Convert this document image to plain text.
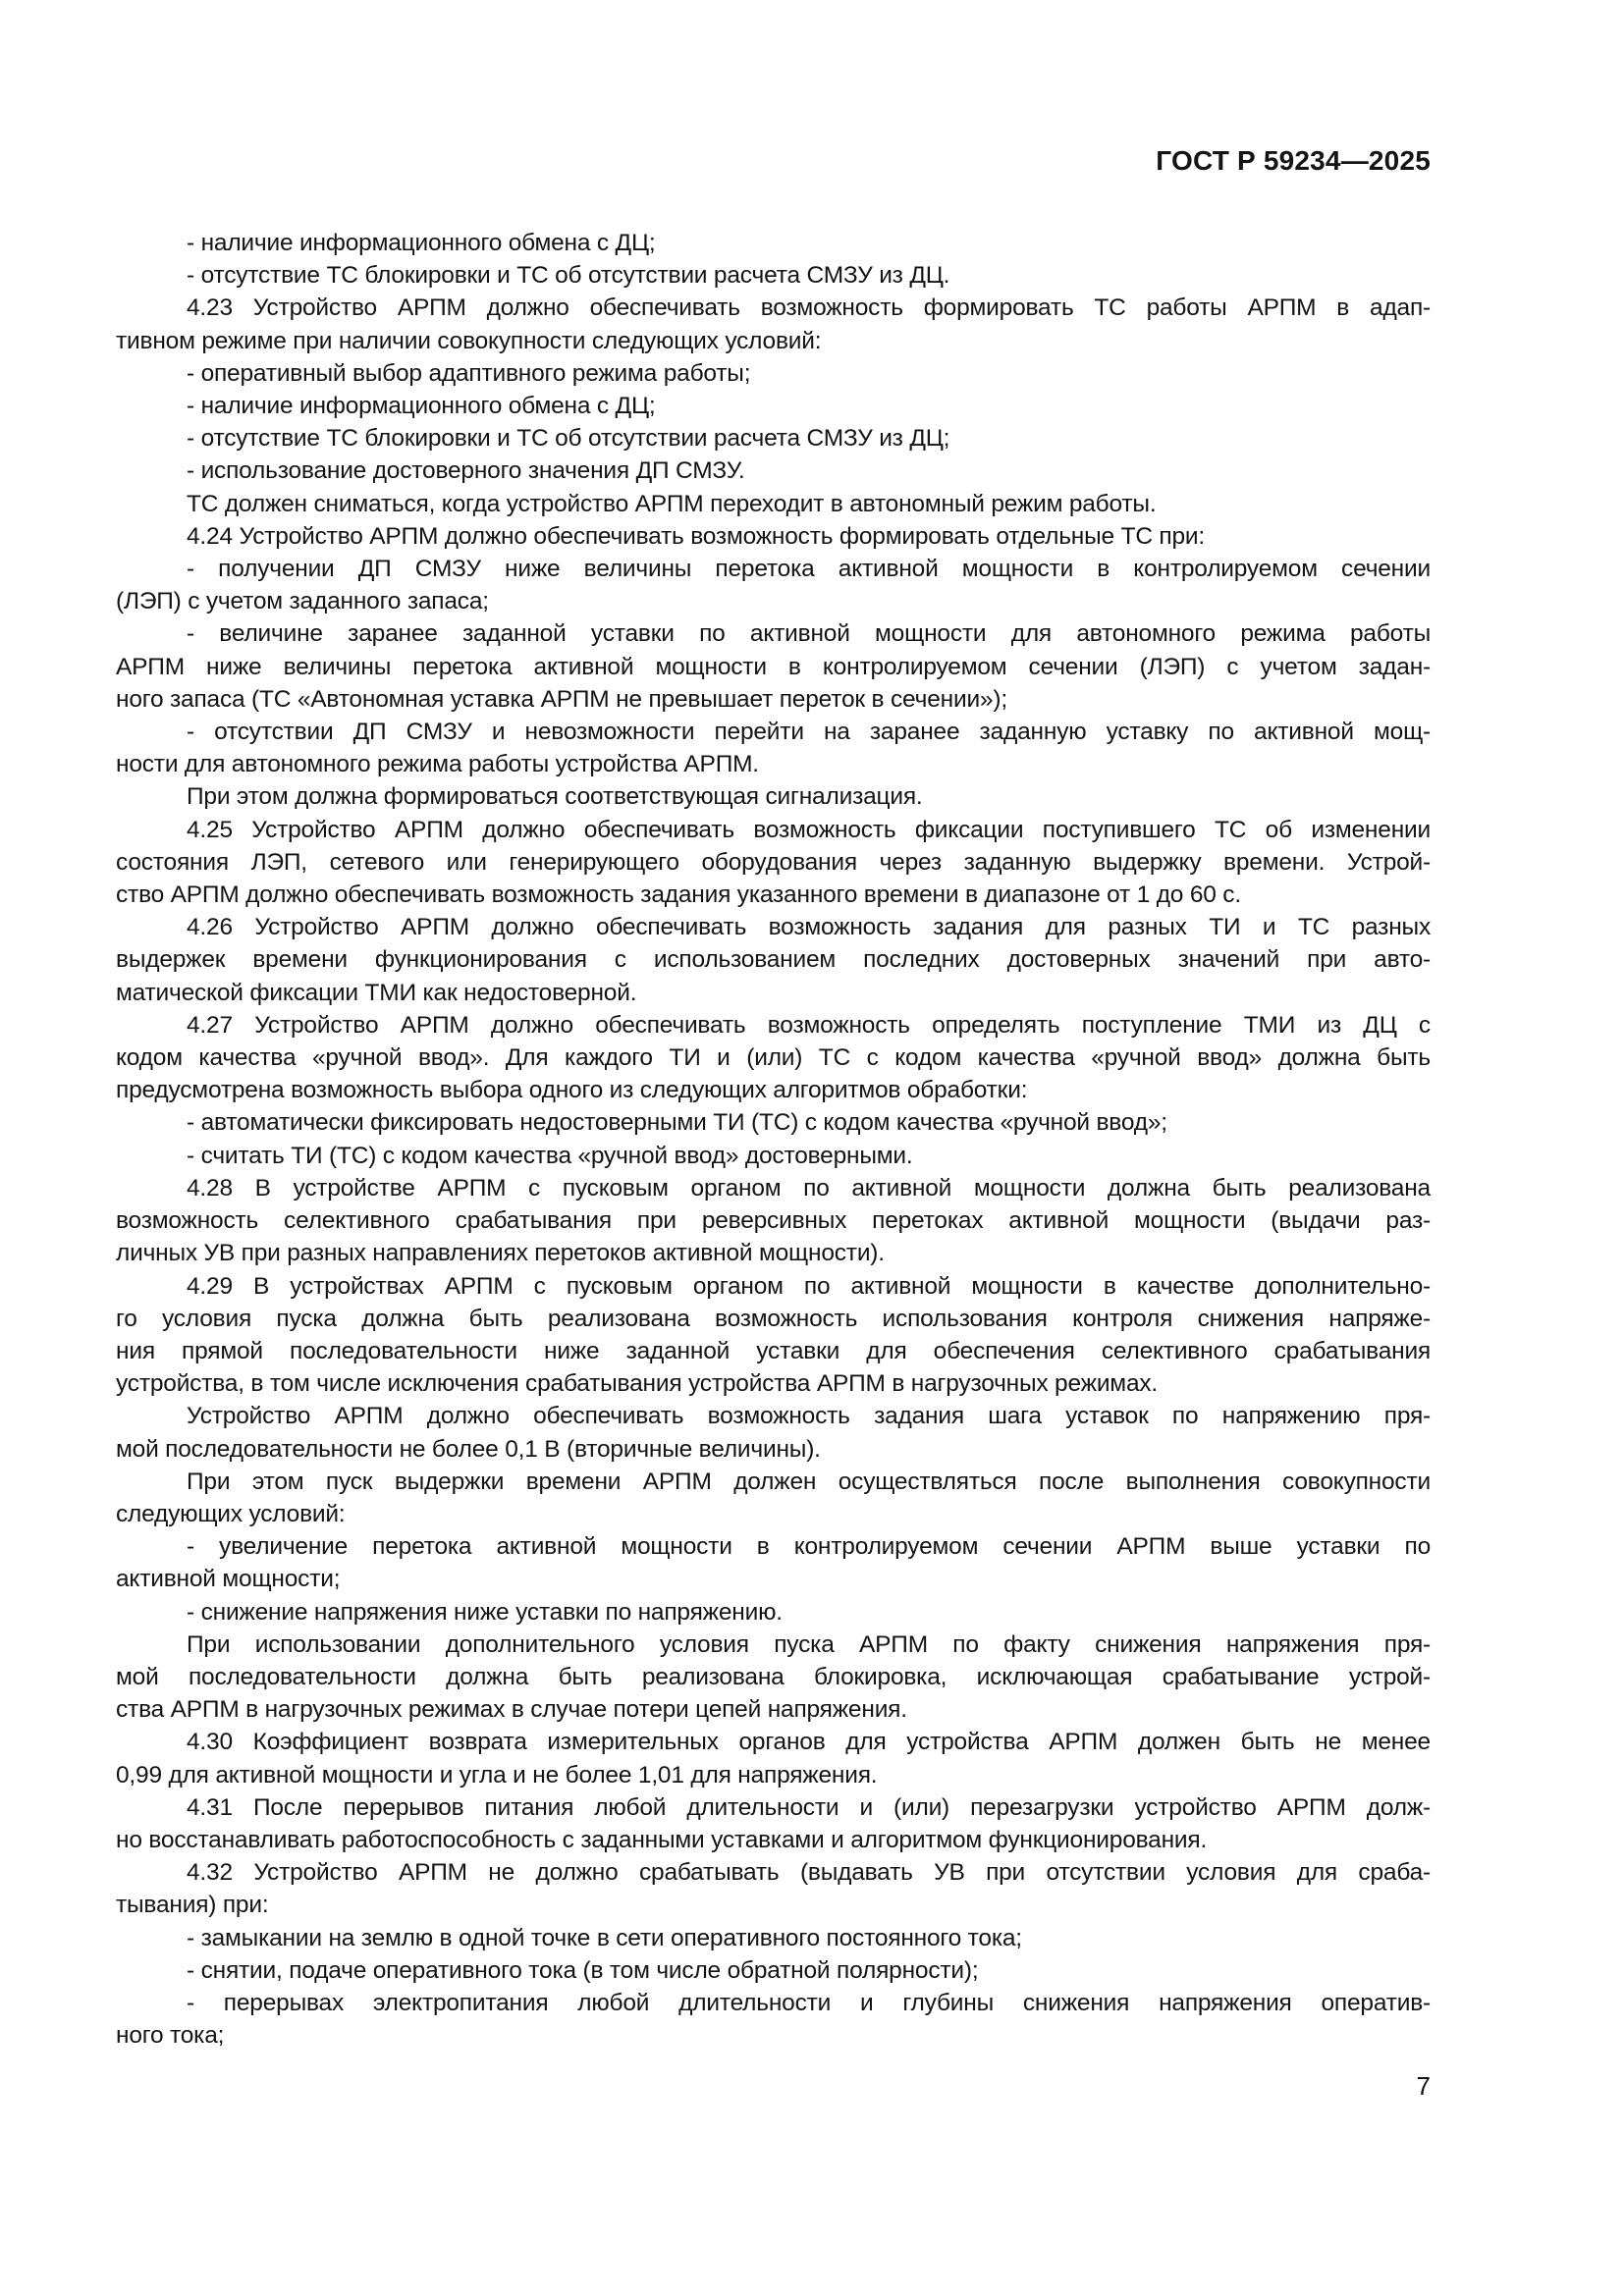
ГОСТ Р 59234—2025
- наличие информационного обмена с ДЦ;
- отсутствие ТС блокировки и ТС об отсутствии расчета СМЗУ из ДЦ.
4.23 Устройство АРПМ должно обеспечивать возможность формировать ТС работы АРПМ в адап-
тивном режиме при наличии совокупности следующих условий:
- оперативный выбор адаптивного режима работы;
- наличие информационного обмена с ДЦ;
- отсутствие ТС блокировки и ТС об отсутствии расчета СМЗУ из ДЦ;
- использование достоверного значения ДП СМЗУ.
ТС должен сниматься, когда устройство АРПМ переходит в автономный режим работы.
4.24 Устройство АРПМ должно обеспечивать возможность формировать отдельные ТС при:
- получении ДП СМЗУ ниже величины перетока активной мощности в контролируемом сечении
(ЛЭП) с учетом заданного запаса;
- величине заранее заданной уставки по активной мощности для автономного режима работы
АРПМ ниже величины перетока активной мощности в контролируемом сечении (ЛЭП) с учетом задан-
ного запаса (ТС «Автономная уставка АРПМ не превышает переток в сечении»);
- отсутствии ДП СМЗУ и невозможности перейти на заранее заданную уставку по активной мощ-
ности для автономного режима работы устройства АРПМ.
При этом должна формироваться соответствующая сигнализация.
4.25 Устройство АРПМ должно обеспечивать возможность фиксации поступившего ТС об изменении
состояния ЛЭП, сетевого или генерирующего оборудования через заданную выдержку времени. Устрой-
ство АРПМ должно обеспечивать возможность задания указанного времени в диапазоне от 1 до 60 с.
4.26 Устройство АРПМ должно обеспечивать возможность задания для разных ТИ и ТС разных
выдержек времени функционирования с использованием последних достоверных значений при авто-
матической фиксации ТМИ как недостоверной.
4.27 Устройство АРПМ должно обеспечивать возможность определять поступление ТМИ из ДЦ с
кодом качества «ручной ввод». Для каждого ТИ и (или) ТС с кодом качества «ручной ввод» должна быть
предусмотрена возможность выбора одного из следующих алгоритмов обработки:
- автоматически фиксировать недостоверными ТИ (ТС) с кодом качества «ручной ввод»;
- считать ТИ (ТС) с кодом качества «ручной ввод» достоверными.
4.28 В устройстве АРПМ с пусковым органом по активной мощности должна быть реализована
возможность селективного срабатывания при реверсивных перетоках активной мощности (выдачи раз-
личных УВ при разных направлениях перетоков активной мощности).
4.29 В устройствах АРПМ с пусковым органом по активной мощности в качестве дополнительно-
го условия пуска должна быть реализована возможность использования контроля снижения напряже-
ния прямой последовательности ниже заданной уставки для обеспечения селективного срабатывания
устройства, в том числе исключения срабатывания устройства АРПМ в нагрузочных режимах.
Устройство АРПМ должно обеспечивать возможность задания шага уставок по напряжению пря-
мой последовательности не более 0,1 В (вторичные величины).
При этом пуск выдержки времени АРПМ должен осуществляться после выполнения совокупности
следующих условий:
- увеличение перетока активной мощности в контролируемом сечении АРПМ выше уставки по
активной мощности;
- снижение напряжения ниже уставки по напряжению.
При использовании дополнительного условия пуска АРПМ по факту снижения напряжения пря-
мой последовательности должна быть реализована блокировка, исключающая срабатывание устрой-
ства АРПМ в нагрузочных режимах в случае потери цепей напряжения.
4.30 Коэффициент возврата измерительных органов для устройства АРПМ должен быть не менее
0,99 для активной мощности и угла и не более 1,01 для напряжения.
4.31 После перерывов питания любой длительности и (или) перезагрузки устройство АРПМ долж-
но восстанавливать работоспособность с заданными уставками и алгоритмом функционирования.
4.32 Устройство АРПМ не должно срабатывать (выдавать УВ при отсутствии условия для сраба-
тывания) при:
- замыкании на землю в одной точке в сети оперативного постоянного тока;
- снятии, подаче оперативного тока (в том числе обратной полярности);
- перерывах электропитания любой длительности и глубины снижения напряжения оператив-
ного тока;
7
